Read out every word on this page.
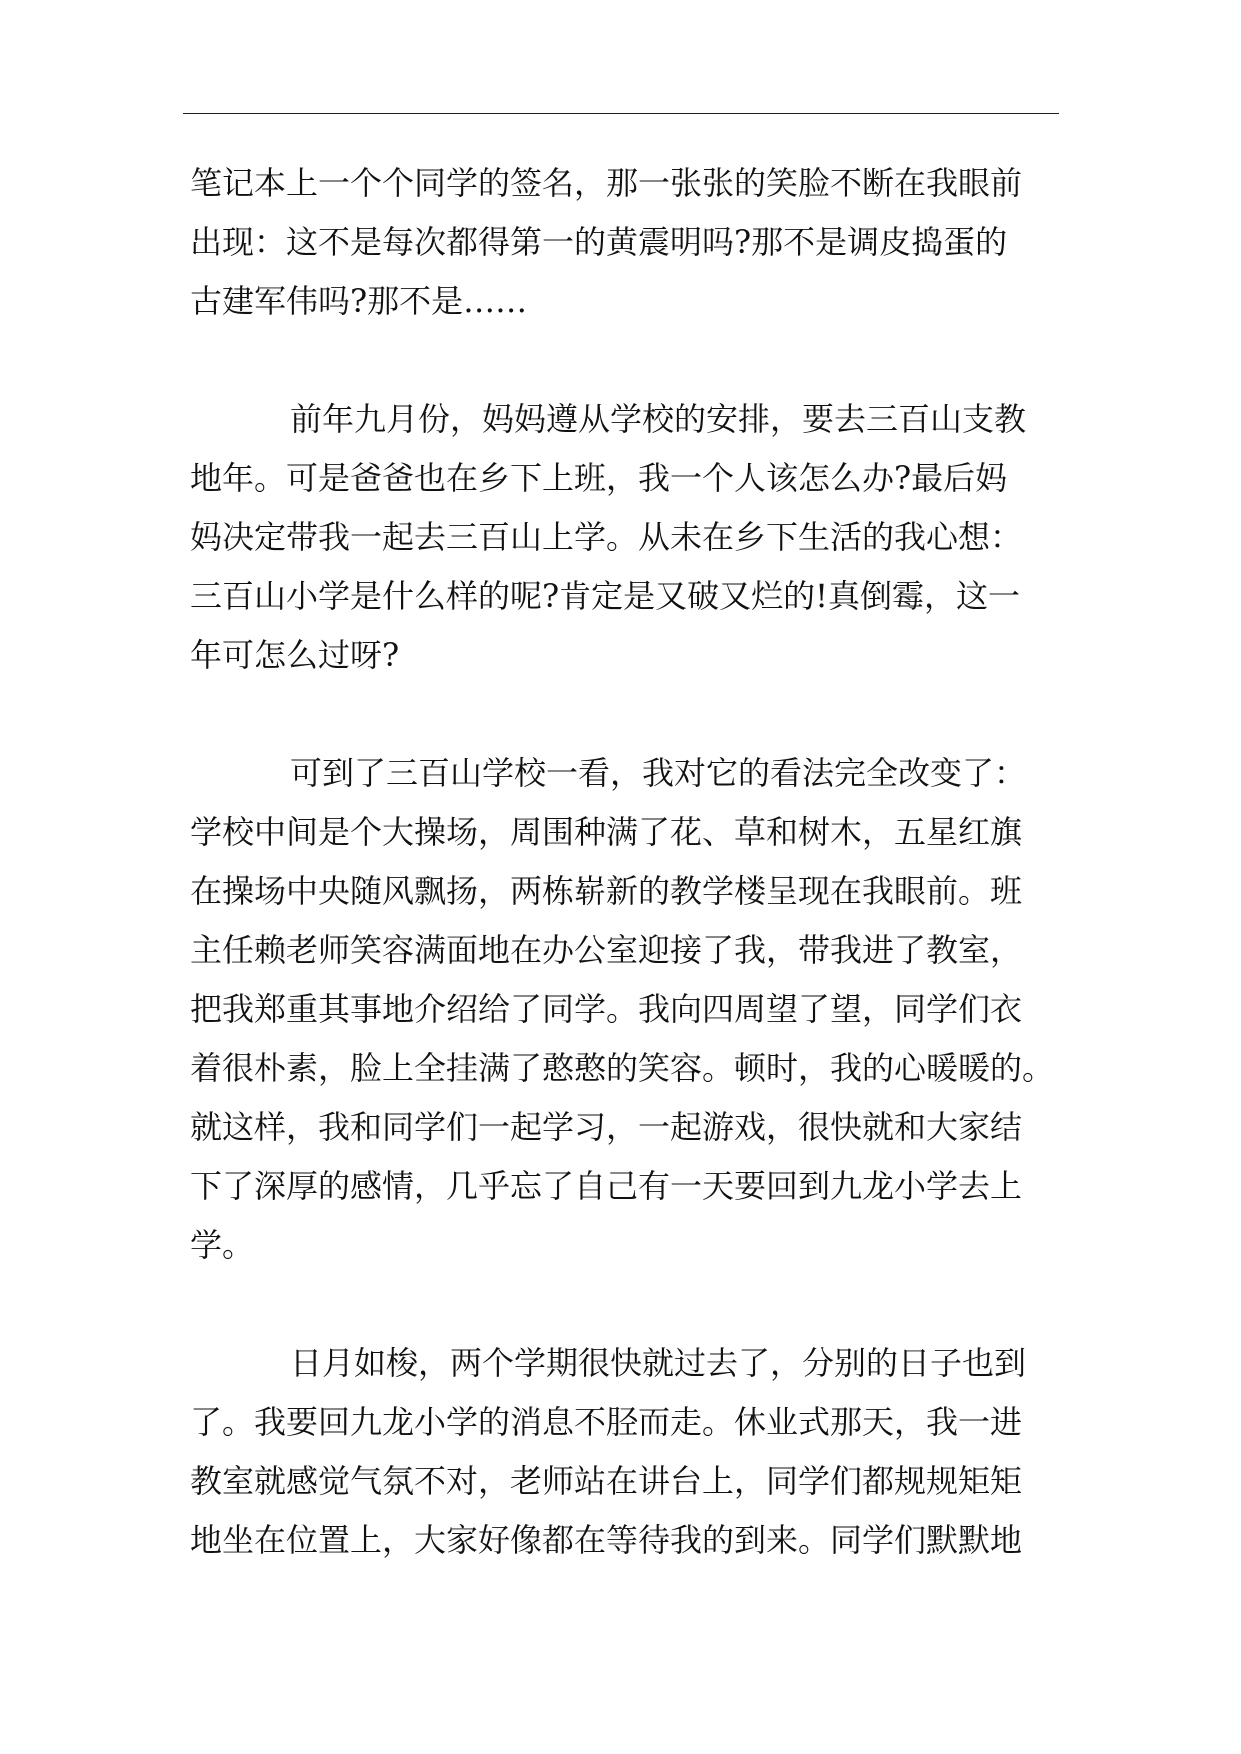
笔记本上一个个同学的签名，那一张张的笑脸不断在我眼前
出现：这不是每次都得第一的黄震明吗?那不是调皮捣蛋的
古建军伟吗?那不是……
前年九月份，妈妈遵从学校的安排，要去三百山支教
地年。可是爸爸也在乡下上班，我一个人该怎么办?最后妈
妈决定带我一起去三百山上学。从未在乡下生活的我心想：
三百山小学是什么样的呢?肯定是又破又烂的!真倒霉，这一
年可怎么过呀?
可到了三百山学校一看，我对它的看法完全改变了：
学校中间是个大操场，周围种满了花、草和树木，五星红旗
在操场中央随风飘扬，两栋崭新的教学楼呈现在我眼前。班
主任赖老师笑容满面地在办公室迎接了我，带我进了教室，
把我郑重其事地介绍给了同学。我向四周望了望，同学们衣
着很朴素，脸上全挂满了憨憨的笑容。顿时，我的心暖暖的。
就这样，我和同学们一起学习，一起游戏，很快就和大家结
下了深厚的感情，几乎忘了自己有一天要回到九龙小学去上
学。
日月如梭，两个学期很快就过去了，分别的日子也到
了。我要回九龙小学的消息不胫而走。休业式那天，我一进
教室就感觉气氛不对，老师站在讲台上，同学们都规规矩矩
地坐在位置上，大家好像都在等待我的到来。同学们默默地
